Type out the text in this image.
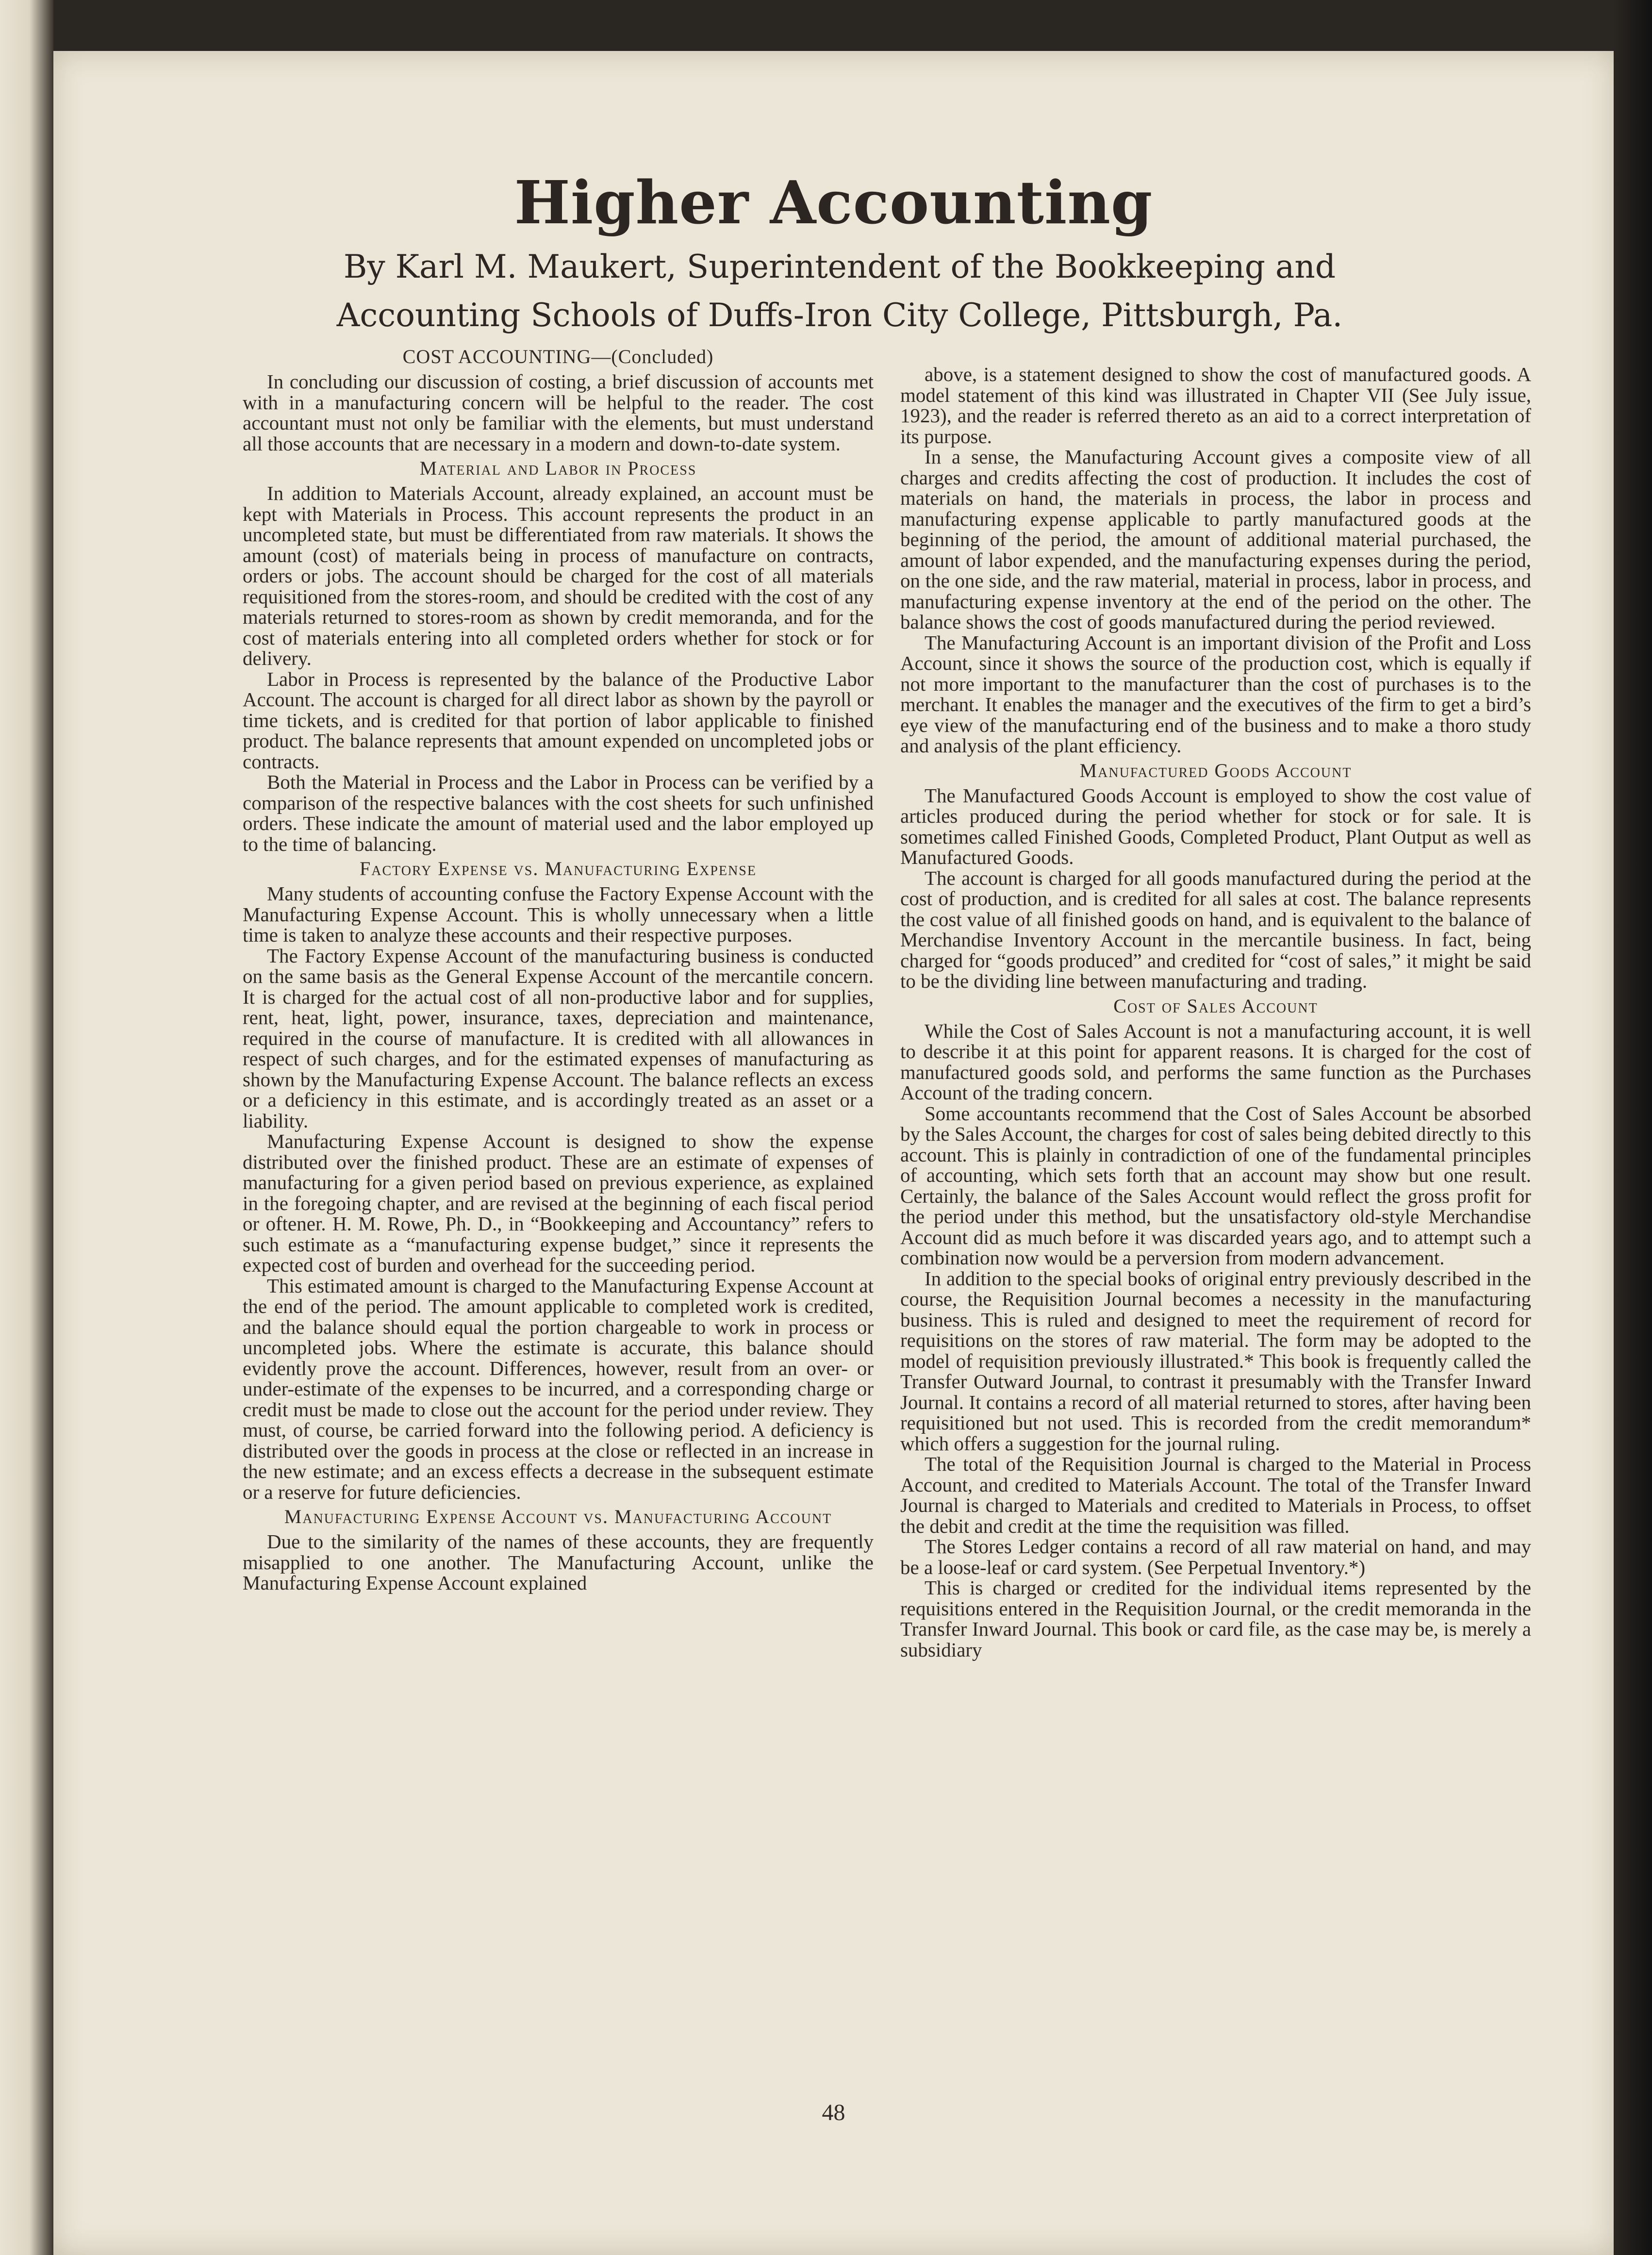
Higher Accounting

By Karl M. Maukert, Superintendent of the Bookkeeping and Accounting Schools of Duffs-Iron City College, Pittsburgh, Pa.

COST ACCOUNTING—(Concluded)

In concluding our discussion of costing, a brief discussion of accounts met with in a manufacturing concern will be helpful to the reader. The cost accountant must not only be familiar with the elements, but must understand all those accounts that are necessary in a modern and down-to-date system.

Material and Labor in Process

In addition to Materials Account, already explained, an account must be kept with Materials in Process. This account represents the product in an uncompleted state, but must be differentiated from raw materials. It shows the amount (cost) of materials being in process of manufacture on contracts, orders or jobs. The account should be charged for the cost of all materials requisitioned from the stores-room, and should be credited with the cost of any materials returned to stores-room as shown by credit memoranda, and for the cost of materials entering into all completed orders whether for stock or for delivery.

Labor in Process is represented by the balance of the Productive Labor Account. The account is charged for all direct labor as shown by the payroll or time tickets, and is credited for that portion of labor applicable to finished product. The balance represents that amount expended on uncompleted jobs or contracts.

Both the Material in Process and the Labor in Process can be verified by a comparison of the respective balances with the cost sheets for such unfinished orders. These indicate the amount of material used and the labor employed up to the time of balancing.

Factory Expense vs. Manufacturing Expense

Many students of accounting confuse the Factory Expense Account with the Manufacturing Expense Account. This is wholly unnecessary when a little time is taken to analyze these accounts and their respective purposes.

The Factory Expense Account of the manufacturing business is conducted on the same basis as the General Expense Account of the mercantile concern. It is charged for the actual cost of all non-productive labor and for supplies, rent, heat, light, power, insurance, taxes, depreciation and maintenance, required in the course of manufacture. It is credited with all allowances in respect of such charges, and for the estimated expenses of manufacturing as shown by the Manufacturing Expense Account. The balance reflects an excess or a deficiency in this estimate, and is accordingly treated as an asset or a liability.

Manufacturing Expense Account is designed to show the expense distributed over the finished product. These are an estimate of expenses of manufacturing for a given period based on previous experience, as explained in the foregoing chapter, and are revised at the beginning of each fiscal period or oftener. H. M. Rowe, Ph. D., in “Bookkeeping and Accountancy” refers to such estimate as a “manufacturing expense budget,” since it represents the expected cost of burden and overhead for the succeeding period.

This estimated amount is charged to the Manufacturing Expense Account at the end of the period. The amount applicable to completed work is credited, and the balance should equal the portion chargeable to work in process or uncompleted jobs. Where the estimate is accurate, this balance should evidently prove the account. Differences, however, result from an over- or under-estimate of the expenses to be incurred, and a corresponding charge or credit must be made to close out the account for the period under review. They must, of course, be carried forward into the following period. A deficiency is distributed over the goods in process at the close or reflected in an increase in the new estimate; and an excess effects a decrease in the subsequent estimate or a reserve for future deficiencies.

Manufacturing Expense Account vs. Manufacturing Account

Due to the similarity of the names of these accounts, they are frequently misapplied to one another. The Manufacturing Account, unlike the Manufacturing Expense Account explained

above, is a statement designed to show the cost of manufactured goods. A model statement of this kind was illustrated in Chapter VII (See July issue, 1923), and the reader is referred thereto as an aid to a correct interpretation of its purpose.

In a sense, the Manufacturing Account gives a composite view of all charges and credits affecting the cost of production. It includes the cost of materials on hand, the materials in process, the labor in process and manufacturing expense applicable to partly manufactured goods at the beginning of the period, the amount of additional material purchased, the amount of labor expended, and the manufacturing expenses during the period, on the one side, and the raw material, material in process, labor in process, and manufacturing expense inventory at the end of the period on the other. The balance shows the cost of goods manufactured during the period reviewed.

The Manufacturing Account is an important division of the Profit and Loss Account, since it shows the source of the production cost, which is equally if not more important to the manufacturer than the cost of purchases is to the merchant. It enables the manager and the executives of the firm to get a bird’s eye view of the manufacturing end of the business and to make a thoro study and analysis of the plant efficiency.

Manufactured Goods Account

The Manufactured Goods Account is employed to show the cost value of articles produced during the period whether for stock or for sale. It is sometimes called Finished Goods, Completed Product, Plant Output as well as Manufactured Goods.

The account is charged for all goods manufactured during the period at the cost of production, and is credited for all sales at cost. The balance represents the cost value of all finished goods on hand, and is equivalent to the balance of Merchandise Inventory Account in the mercantile business. In fact, being charged for “goods produced” and credited for “cost of sales,” it might be said to be the dividing line between manufacturing and trading.

Cost of Sales Account

While the Cost of Sales Account is not a manufacturing account, it is well to describe it at this point for apparent reasons. It is charged for the cost of manufactured goods sold, and performs the same function as the Purchases Account of the trading concern.

Some accountants recommend that the Cost of Sales Account be absorbed by the Sales Account, the charges for cost of sales being debited directly to this account. This is plainly in contradiction of one of the fundamental principles of accounting, which sets forth that an account may show but one result. Certainly, the balance of the Sales Account would reflect the gross profit for the period under this method, but the unsatisfactory old-style Merchandise Account did as much before it was discarded years ago, and to attempt such a combination now would be a perversion from modern advancement.

In addition to the special books of original entry previously described in the course, the Requisition Journal becomes a necessity in the manufacturing business. This is ruled and designed to meet the requirement of record for requisitions on the stores of raw material. The form may be adopted to the model of requisition previously illustrated.* This book is frequently called the Transfer Outward Journal, to contrast it presumably with the Transfer Inward Journal. It contains a record of all material returned to stores, after having been requisitioned but not used. This is recorded from the credit memorandum* which offers a suggestion for the journal ruling.

The total of the Requisition Journal is charged to the Material in Process Account, and credited to Materials Account. The total of the Transfer Inward Journal is charged to Materials and credited to Materials in Process, to offset the debit and credit at the time the requisition was filled.

The Stores Ledger contains a record of all raw material on hand, and may be a loose-leaf or card system. (See Perpetual Inventory.*)

This is charged or credited for the individual items represented by the requisitions entered in the Requisition Journal, or the credit memoranda in the Transfer Inward Journal. This book or card file, as the case may be, is merely a subsidiary

48
